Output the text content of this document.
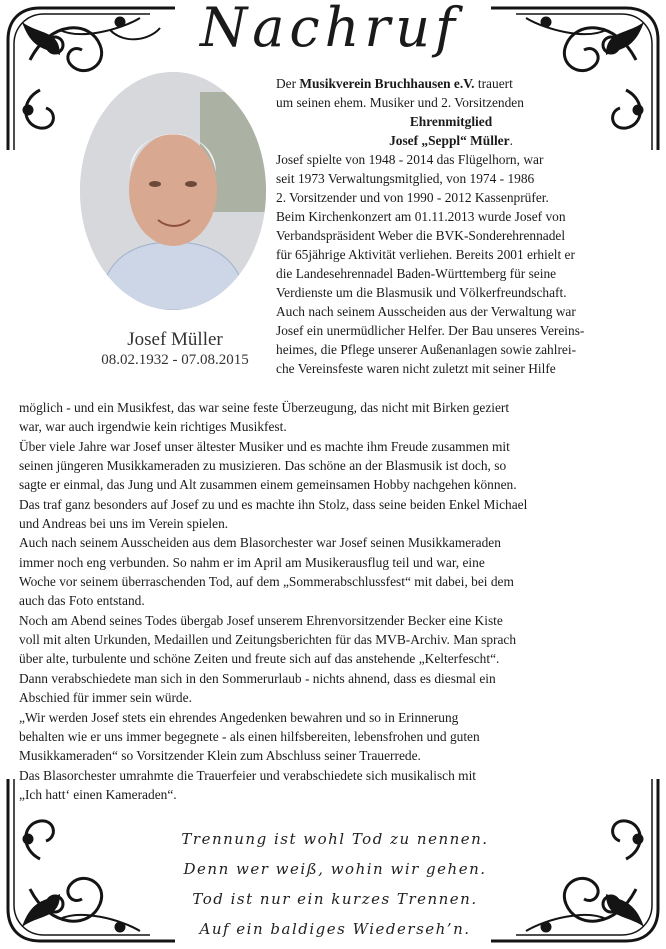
Nachruf
Josef Müller
08.02.1932 - 07.08.2015
Der Musikverein Bruchhausen e.V. trauert
um seinen ehem. Musiker und 2. Vorsitzenden
Ehrenmitglied
Josef „Seppl“ Müller.
Josef spielte von 1948 - 2014 das Flügelhorn, war
seit 1973 Verwaltungsmitglied, von 1974 - 1986
2. Vorsitzender und von 1990 - 2012 Kassenprüfer.
Beim Kirchenkonzert am 01.11.2013 wurde Josef von
Verbandspräsident Weber die BVK-Sonderehrennadel
für 65jährige Aktivität verliehen. Bereits 2001 erhielt er
die Landesehrennadel Baden-Württemberg für seine
Verdienste um die Blasmusik und Völkerfreundschaft.
Auch nach seinem Ausscheiden aus der Verwaltung war
Josef ein unermüdlicher Helfer. Der Bau unseres Vereins-
heimes, die Pflege unserer Außenanlagen sowie zahlrei-
che Vereinsfeste waren nicht zuletzt mit seiner Hilfe

möglich - und ein Musikfest, das war seine feste Überzeugung, das nicht mit Birken geziert

war, war auch irgendwie kein richtiges Musikfest.

Über viele Jahre war Josef unser ältester Musiker und es machte ihm Freude zusammen mit

seinen jüngeren Musikkameraden zu musizieren. Das schöne an der Blasmusik ist doch, so

sagte er einmal, das Jung und Alt zusammen einem gemeinsamen Hobby nachgehen können.

Das traf ganz besonders auf Josef zu und es machte ihn Stolz, dass seine beiden Enkel Michael

und Andreas bei uns im Verein spielen.

Auch nach seinem Ausscheiden aus dem Blasorchester war Josef seinen Musikkameraden

immer noch eng verbunden. So nahm er im April am Musikerausflug teil und war, eine

Woche vor seinem überraschenden Tod, auf dem „Sommerabschlussfest“ mit dabei, bei dem

auch das Foto entstand.

Noch am Abend seines Todes übergab Josef unserem Ehrenvorsitzender Becker eine Kiste

voll mit alten Urkunden, Medaillen und Zeitungsberichten für das MVB-Archiv. Man sprach

über alte, turbulente und schöne Zeiten und freute sich auf das anstehende „Kelterfescht“.

Dann verabschiedete man sich in den Sommerurlaub - nichts ahnend, dass es diesmal ein

Abschied für immer sein würde.

„Wir werden Josef stets ein ehrendes Angedenken bewahren und so in Erinnerung

behalten wie er uns immer begegnete - als einen hilfsbereiten, lebensfrohen und guten

Musikkameraden“ so Vorsitzender Klein zum Abschluss seiner Trauerrede.

Das Blasorchester umrahmte die Trauerfeier und verabschiedete sich musikalisch mit

„Ich hatt‘ einen Kameraden“.

Trennung ist wohl Tod zu nennen.
Denn wer weiß, wohin wir gehen.
Tod ist nur ein kurzes Trennen.
Auf ein baldiges Wiederseh’n.
